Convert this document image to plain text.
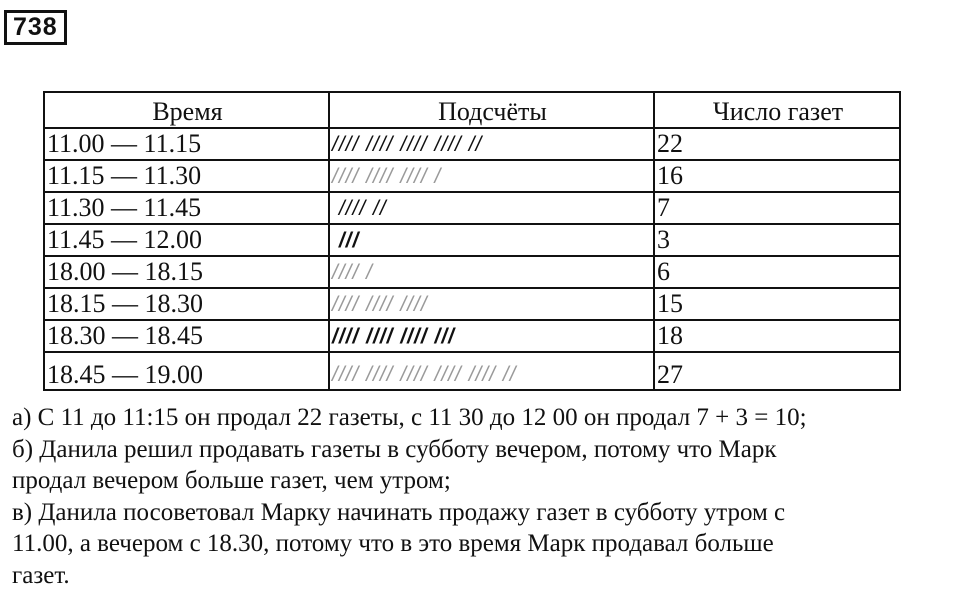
738
Время	Подсчёты	Число газет
11.00 — 11.15	//// //// //// //// //	22
11.15 — 11.30	//// //// //// /	16
11.30 — 11.45	//// //	7
11.45 — 12.00	///	3
18.00 — 18.15	//// /	6
18.15 — 18.30	//// //// ////	15
18.30 — 18.45	//// //// //// ///	18
18.45 — 19.00	//// //// //// //// //// //	27

а) С 11 до 11:15 он продал 22 газеты, с 11 30 до 12 00 он продал 7 + 3 = 10;

б) Данила решил продавать газеты в субботу вечером, потому что Марк

продал вечером больше газет, чем утром;

в) Данила посоветовал Марку начинать продажу газет в субботу утром с

11.00, а вечером с 18.30, потому что в это время Марк продавал больше

газет.
